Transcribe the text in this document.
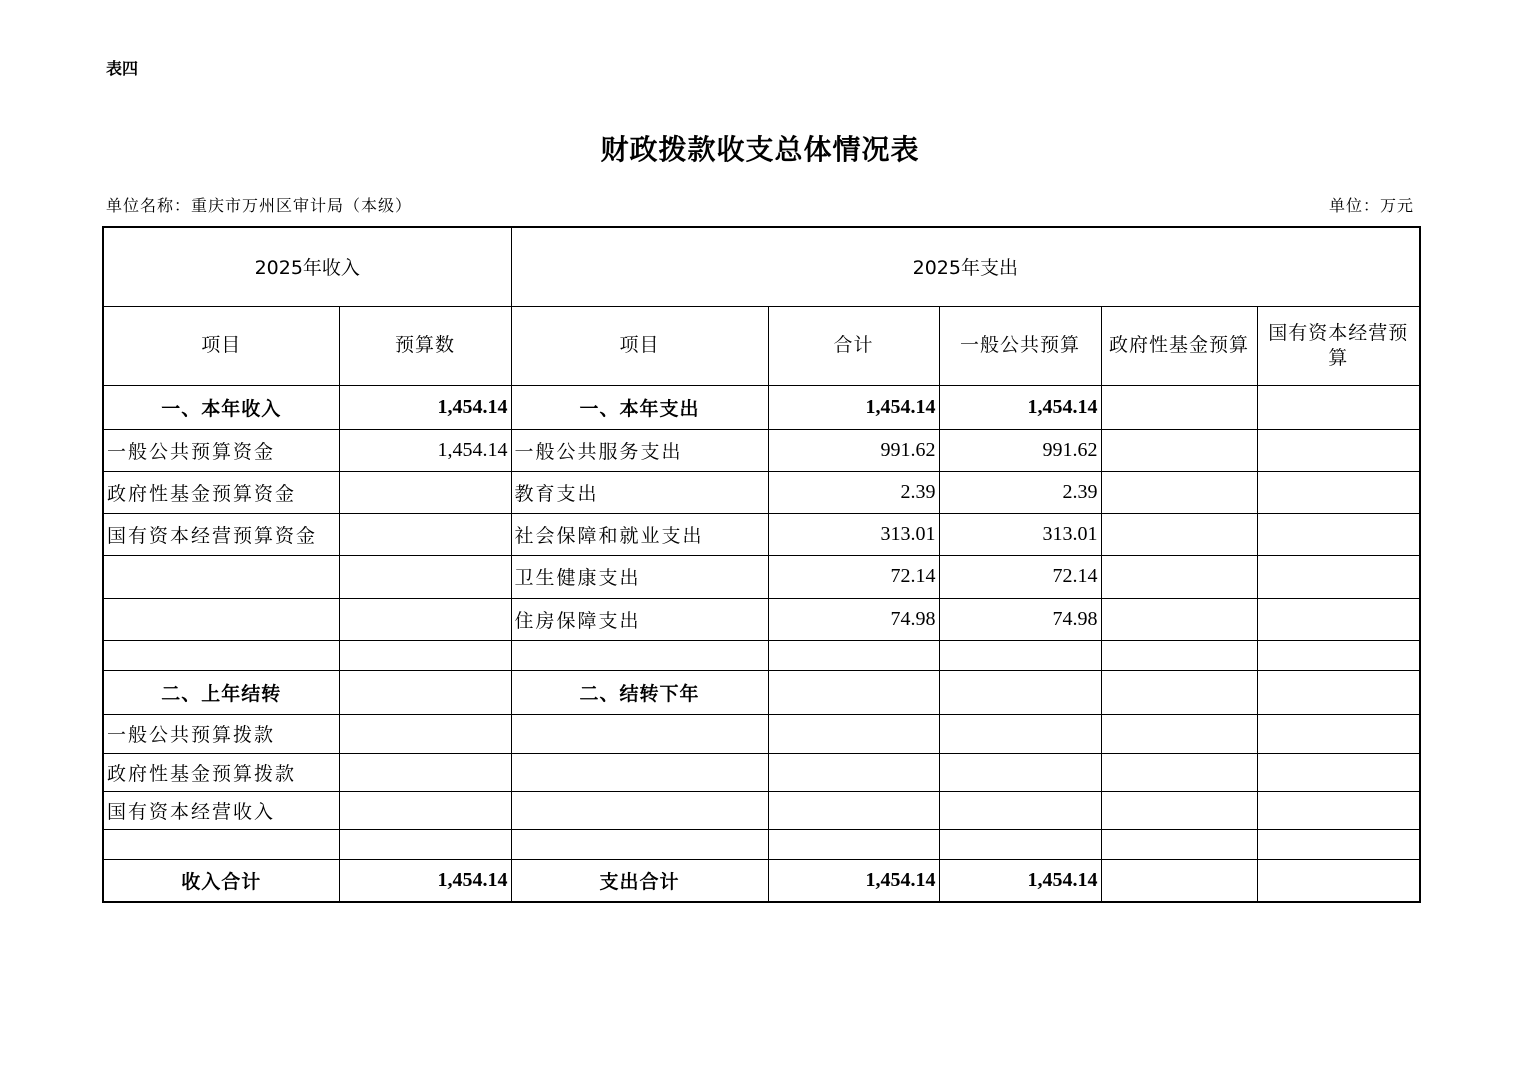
表四
财政拨款收支总体情况表
单位名称：重庆市万州区审计局（本级）	单位：万元
2025年收入		2025年支出				
项目	预算数	项目	合计	一般公共预算	政府性基金预算	国有资本经营预算
一、本年收入	1,454.14	一、本年支出	1,454.14	1,454.14		
一般公共预算资金	1,454.14	一般公共服务支出	991.62	991.62		
政府性基金预算资金		教育支出	2.39	2.39		
国有资本经营预算资金		社会保障和就业支出	313.01	313.01		
		卫生健康支出	72.14	72.14		
		住房保障支出	74.98	74.98		

二、上年结转		二、结转下年				
一般公共预算拨款						
政府性基金预算拨款						
国有资本经营收入						

收入合计	1,454.14	支出合计	1,454.14	1,454.14		
